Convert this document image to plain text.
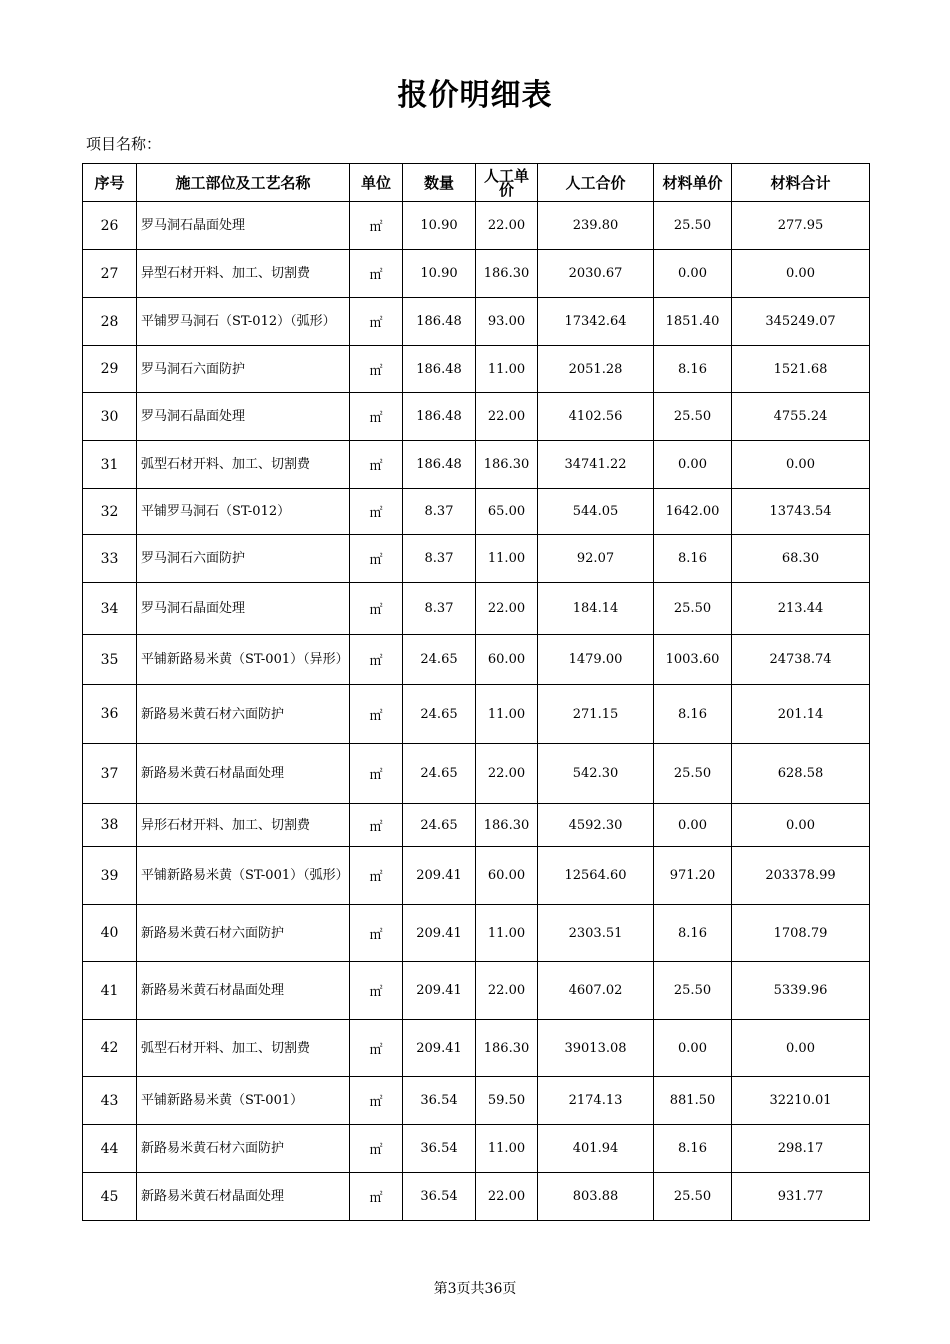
报价明细表
项目名称：
序号	施工部位及工艺名称	单位	数量	人工单价	人工合价	材料单价	材料合计
26	罗马洞石晶面处理	㎡	10.90	22.00	239.80	25.50	277.95
27	异型石材开料、加工、切割费	㎡	10.90	186.30	2030.67	0.00	0.00
28	平铺罗马洞石（ST-012）（弧形）	㎡	186.48	93.00	17342.64	1851.40	345249.07
29	罗马洞石六面防护	㎡	186.48	11.00	2051.28	8.16	1521.68
30	罗马洞石晶面处理	㎡	186.48	22.00	4102.56	25.50	4755.24
31	弧型石材开料、加工、切割费	㎡	186.48	186.30	34741.22	0.00	0.00
32	平铺罗马洞石（ST-012）	㎡	8.37	65.00	544.05	1642.00	13743.54
33	罗马洞石六面防护	㎡	8.37	11.00	92.07	8.16	68.30
34	罗马洞石晶面处理	㎡	8.37	22.00	184.14	25.50	213.44
35	平铺新路易米黄（ST-001）（异形）	㎡	24.65	60.00	1479.00	1003.60	24738.74
36	新路易米黄石材六面防护	㎡	24.65	11.00	271.15	8.16	201.14
37	新路易米黄石材晶面处理	㎡	24.65	22.00	542.30	25.50	628.58
38	异形石材开料、加工、切割费	㎡	24.65	186.30	4592.30	0.00	0.00
39	平铺新路易米黄（ST-001）（弧形）	㎡	209.41	60.00	12564.60	971.20	203378.99
40	新路易米黄石材六面防护	㎡	209.41	11.00	2303.51	8.16	1708.79
41	新路易米黄石材晶面处理	㎡	209.41	22.00	4607.02	25.50	5339.96
42	弧型石材开料、加工、切割费	㎡	209.41	186.30	39013.08	0.00	0.00
43	平铺新路易米黄（ST-001）	㎡	36.54	59.50	2174.13	881.50	32210.01
44	新路易米黄石材六面防护	㎡	36.54	11.00	401.94	8.16	298.17
45	新路易米黄石材晶面处理	㎡	36.54	22.00	803.88	25.50	931.77
第3页共36页
